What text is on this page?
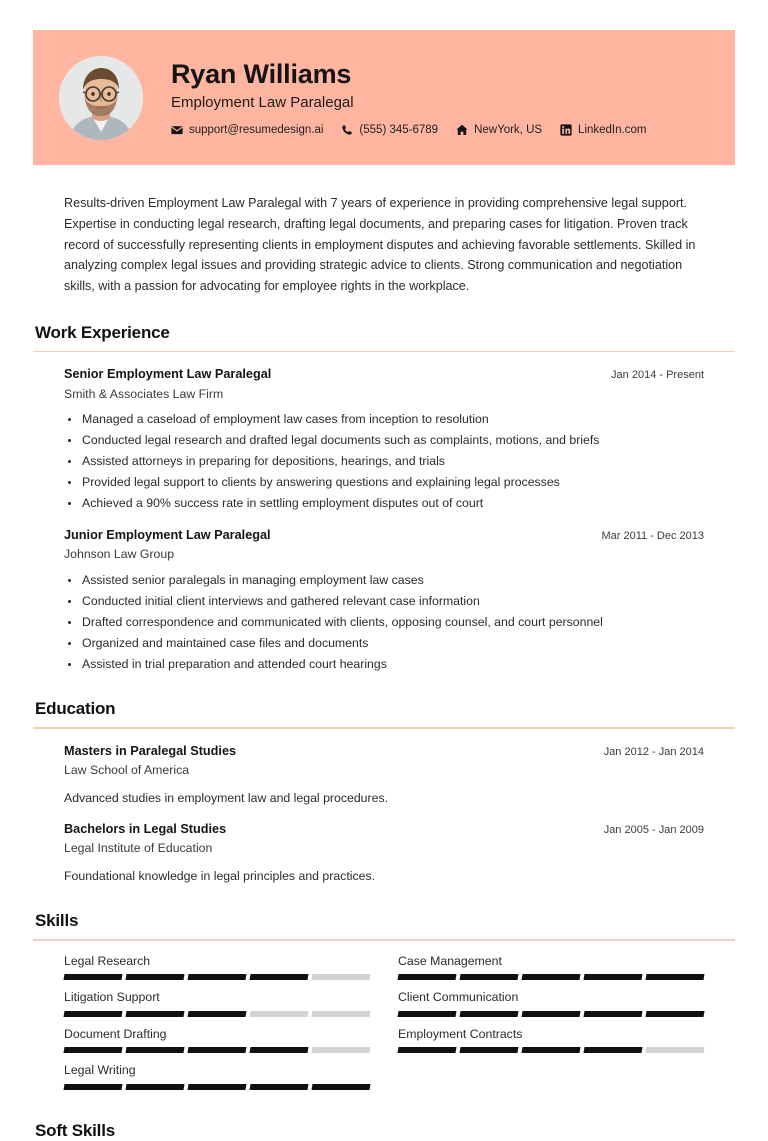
Ryan Williams
Employment Law Paralegal
support@resumedesign.ai	(555) 345-6789	NewYork, US	LinkedIn.com
Results-driven Employment Law Paralegal with 7 years of experience in providing comprehensive legal support. Expertise in conducting legal research, drafting legal documents, and preparing cases for litigation. Proven track record of successfully representing clients in employment disputes and achieving favorable settlements. Skilled in analyzing complex legal issues and providing strategic advice to clients. Strong communication and negotiation skills, with a passion for advocating for employee rights in the workplace.
Work Experience
Senior Employment Law Paralegal	Jan 2014 - Present
Smith & Associates Law Firm
Managed a caseload of employment law cases from inception to resolution
Conducted legal research and drafted legal documents such as complaints, motions, and briefs
Assisted attorneys in preparing for depositions, hearings, and trials
Provided legal support to clients by answering questions and explaining legal processes
Achieved a 90% success rate in settling employment disputes out of court
Junior Employment Law Paralegal	Mar 2011 - Dec 2013
Johnson Law Group
Assisted senior paralegals in managing employment law cases
Conducted initial client interviews and gathered relevant case information
Drafted correspondence and communicated with clients, opposing counsel, and court personnel
Organized and maintained case files and documents
Assisted in trial preparation and attended court hearings
Education
Masters in Paralegal Studies	Jan 2012 - Jan 2014
Law School of America
Advanced studies in employment law and legal procedures.
Bachelors in Legal Studies	Jan 2005 - Jan 2009
Legal Institute of Education
Foundational knowledge in legal principles and practices.
Skills
Legal Research	Case Management
Litigation Support	Client Communication
Document Drafting	Employment Contracts
Legal Writing
Soft Skills
